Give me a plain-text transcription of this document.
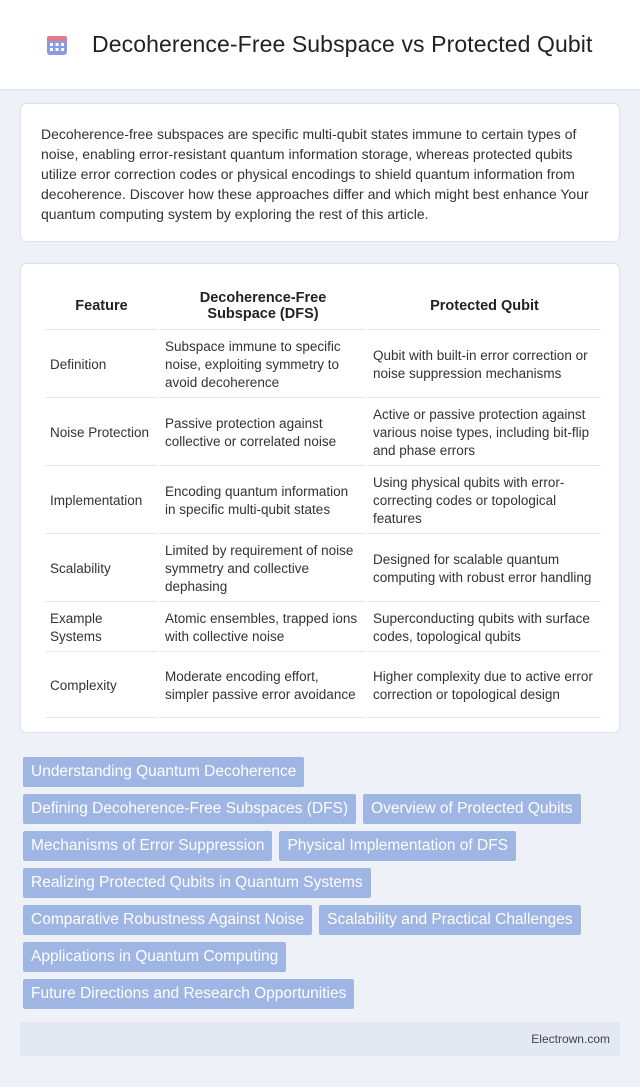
Decoherence-Free Subspace vs Protected Qubit

Decoherence-free subspaces are specific multi-qubit states immune to certain types of noise, enabling error-resistant quantum information storage, whereas protected qubits utilize error correction codes or physical encodings to shield quantum information from decoherence. Discover how these approaches differ and which might best enhance Your quantum computing system by exploring the rest of this article.

Feature	Decoherence-Free Subspace (DFS)	Protected Qubit
Definition	Subspace immune to specific noise, exploiting symmetry to avoid decoherence	Qubit with built-in error correction or noise suppression mechanisms
Noise Protection	Passive protection against collective or correlated noise	Active or passive protection against various noise types, including bit-flip and phase errors
Implementation	Encoding quantum information in specific multi-qubit states	Using physical qubits with error-correcting codes or topological features
Scalability	Limited by requirement of noise symmetry and collective dephasing	Designed for scalable quantum computing with robust error handling
Example Systems	Atomic ensembles, trapped ions with collective noise	Superconducting qubits with surface codes, topological qubits
Complexity	Moderate encoding effort, simpler passive error avoidance	Higher complexity due to active error correction or topological design
Understanding Quantum Decoherence
Defining Decoherence-Free Subspaces (DFS)	Overview of Protected Qubits
Mechanisms of Error Suppression	Physical Implementation of DFS
Realizing Protected Qubits in Quantum Systems
Comparative Robustness Against Noise	Scalability and Practical Challenges
Applications in Quantum Computing
Future Directions and Research Opportunities
Electrown.com
